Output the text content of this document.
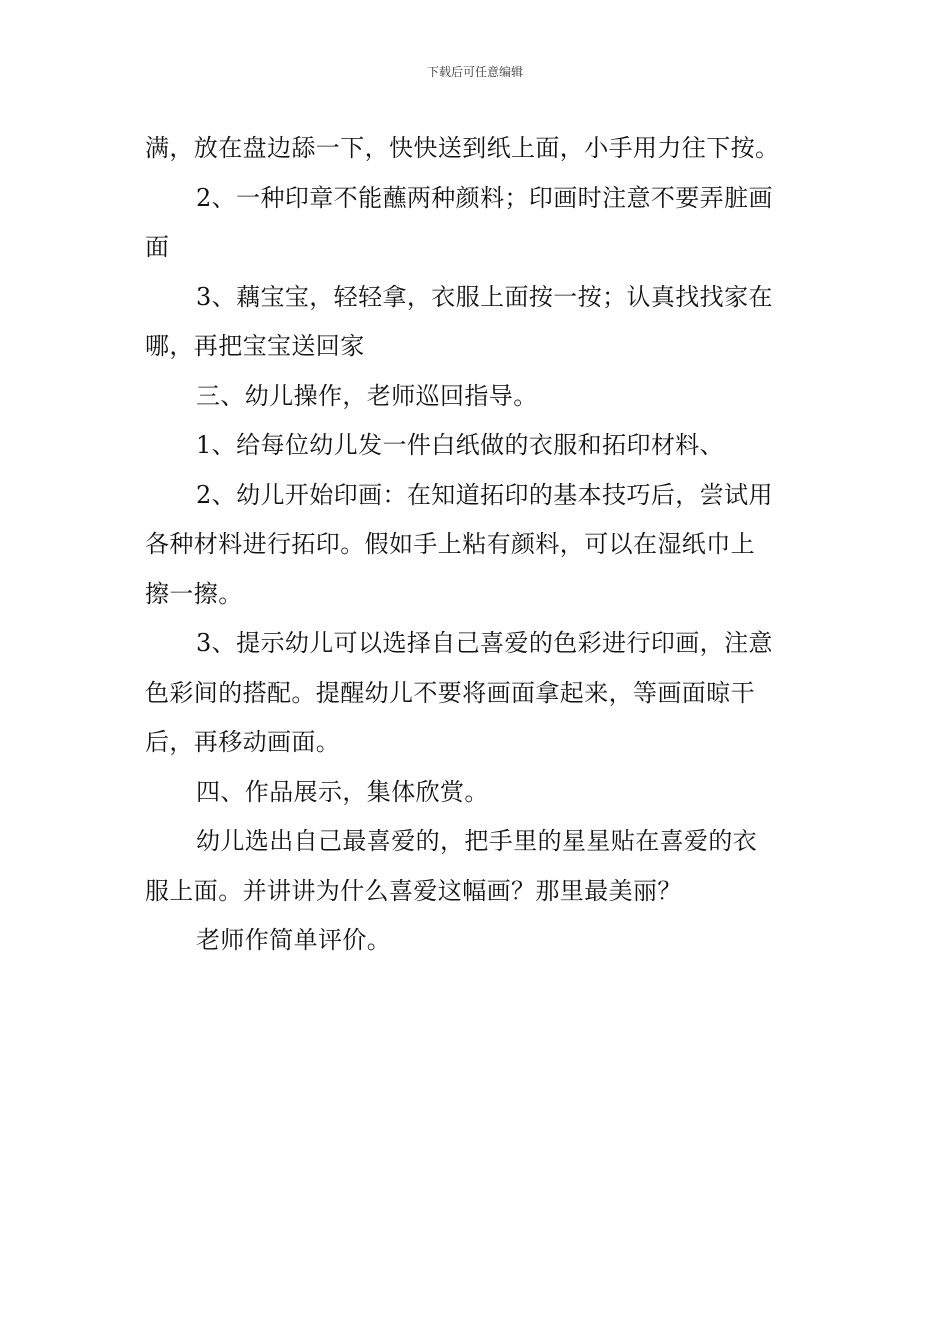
下载后可任意编辑

满，放在盘边舔一下，快快送到纸上面，小手用力往下按。

2、一种印章不能蘸两种颜料；印画时注意不要弄脏画
面

3、藕宝宝，轻轻拿，衣服上面按一按；认真找找家在
哪，再把宝宝送回家

三、幼儿操作，老师巡回指导。

1、给每位幼儿发一件白纸做的衣服和拓印材料、

2、幼儿开始印画：在知道拓印的基本技巧后，尝试用
各种材料进行拓印。假如手上粘有颜料，可以在湿纸巾上
擦一擦。

3、提示幼儿可以选择自己喜爱的色彩进行印画，注意
色彩间的搭配。提醒幼儿不要将画面拿起来，等画面晾干
后，再移动画面。

四、作品展示，集体欣赏。

幼儿选出自己最喜爱的，把手里的星星贴在喜爱的衣
服上面。并讲讲为什么喜爱这幅画？那里最美丽？

老师作简单评价。
